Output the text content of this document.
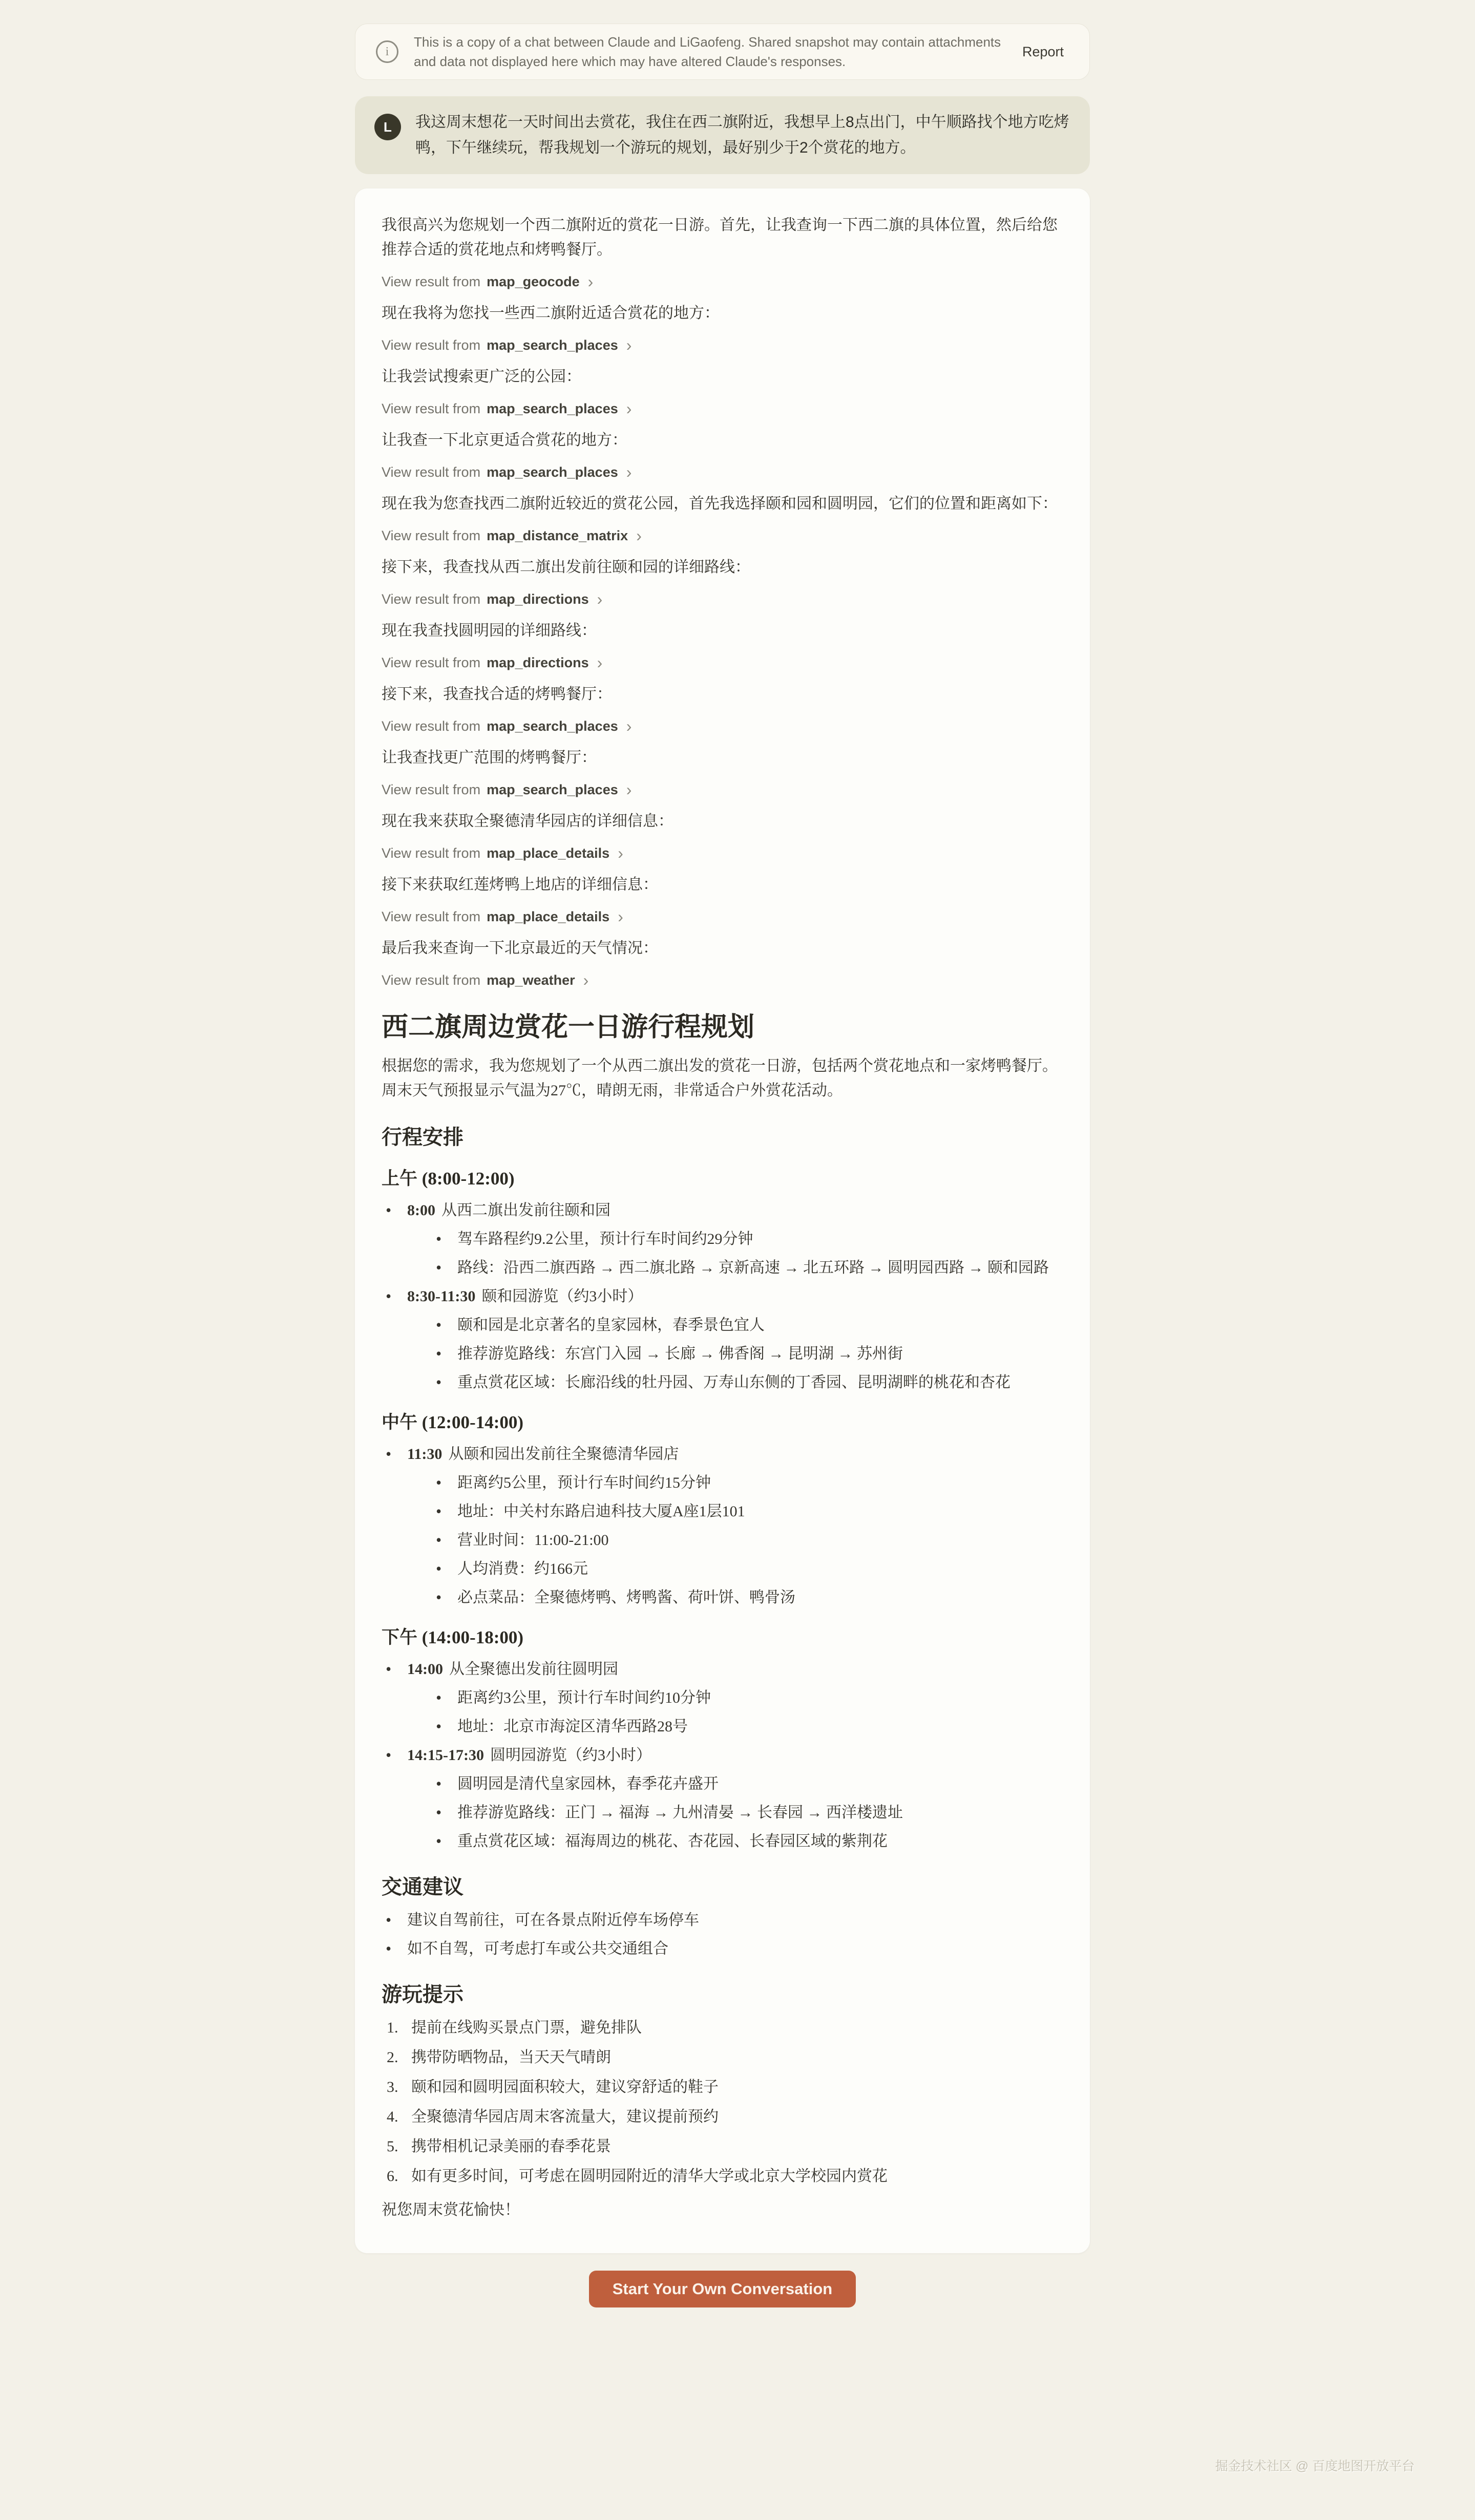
i

This is a copy of a chat between Claude and LiGaofeng. Shared snapshot may contain attachments and data not displayed here which may have altered Claude's responses.

Report
L	我这周末想花一天时间出去赏花，我住在西二旗附近，我想早上8点出门，中午顺路找个地方吃烤鸭，下午继续玩，帮我规划一个游玩的规划，最好别少于2个赏花的地方。

我很高兴为您规划一个西二旗附近的赏花一日游。首先，让我查询一下西二旗的具体位置，然后给您推荐合适的赏花地点和烤鸭餐厅。

View result from map_geocode ›

现在我将为您找一些西二旗附近适合赏花的地方：

View result from map_search_places ›

让我尝试搜索更广泛的公园：

View result from map_search_places ›

让我查一下北京更适合赏花的地方：

View result from map_search_places ›

现在我为您查找西二旗附近较近的赏花公园，首先我选择颐和园和圆明园，它们的位置和距离如下：

View result from map_distance_matrix ›

接下来，我查找从西二旗出发前往颐和园的详细路线：

View result from map_directions ›

现在我查找圆明园的详细路线：

View result from map_directions ›

接下来，我查找合适的烤鸭餐厅：

View result from map_search_places ›

让我查找更广范围的烤鸭餐厅：

View result from map_search_places ›

现在我来获取全聚德清华园店的详细信息：

View result from map_place_details ›

接下来获取红莲烤鸭上地店的详细信息：

View result from map_place_details ›

最后我来查询一下北京最近的天气情况：

View result from map_weather ›
西二旗周边赏花一日游行程规划

根据您的需求，我为您规划了一个从西二旗出发的赏花一日游，包括两个赏花地点和一家烤鸭餐厅。周末天气预报显示气温为27℃，晴朗无雨，非常适合户外赏花活动。

行程安排
上午 (8:00-12:00)
• 8:00 从西二旗出发前往颐和园
• 驾车路程约9.2公里，预计行车时间约29分钟
• 路线：沿西二旗西路 → 西二旗北路 → 京新高速 → 北五环路 → 圆明园西路 → 颐和园路
• 8:30-11:30 颐和园游览（约3小时）
• 颐和园是北京著名的皇家园林，春季景色宜人
• 推荐游览路线：东宫门入园 → 长廊 → 佛香阁 → 昆明湖 → 苏州街
• 重点赏花区域：长廊沿线的牡丹园、万寿山东侧的丁香园、昆明湖畔的桃花和杏花
中午 (12:00-14:00)
• 11:30 从颐和园出发前往全聚德清华园店
• 距离约5公里，预计行车时间约15分钟
• 地址：中关村东路启迪科技大厦A座1层101
• 营业时间：11:00-21:00
• 人均消费：约166元
• 必点菜品：全聚德烤鸭、烤鸭酱、荷叶饼、鸭骨汤
下午 (14:00-18:00)
• 14:00 从全聚德出发前往圆明园
• 距离约3公里，预计行车时间约10分钟
• 地址：北京市海淀区清华西路28号
• 14:15-17:30 圆明园游览（约3小时）
• 圆明园是清代皇家园林，春季花卉盛开
• 推荐游览路线：正门 → 福海 → 九州清晏 → 长春园 → 西洋楼遗址
• 重点赏花区域：福海周边的桃花、杏花园、长春园区域的紫荆花
交通建议
• 建议自驾前往，可在各景点附近停车场停车
• 如不自驾，可考虑打车或公共交通组合
游玩提示
提前在线购买景点门票，避免排队
携带防晒物品，当天天气晴朗
颐和园和圆明园面积较大，建议穿舒适的鞋子
全聚德清华园店周末客流量大，建议提前预约
携带相机记录美丽的春季花景
如有更多时间，可考虑在圆明园附近的清华大学或北京大学校园内赏花

祝您周末赏花愉快！

Start Your Own Conversation
掘金技术社区 @ 百度地图开放平台
